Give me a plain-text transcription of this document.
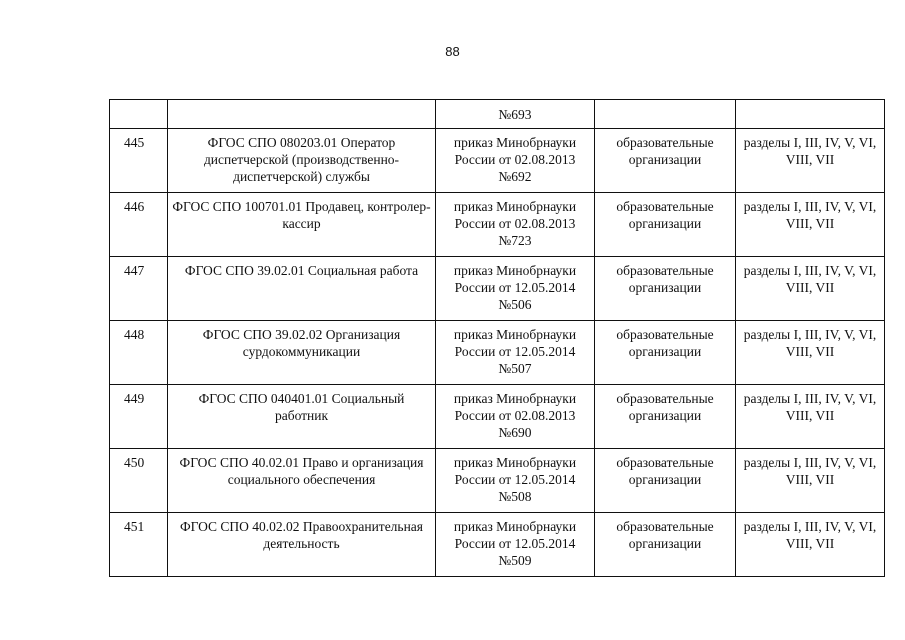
88
		№693		
445	ФГОС СПО 080203.01 Оператор диспетчерской (производственно-диспетчерской) службы	приказ Минобрнауки России от 02.08.2013 №692	образовательные организации	разделы I, III, IV, V, VI, VIII, VII
446	ФГОС СПО 100701.01 Продавец, контролер-кассир	приказ Минобрнауки России от 02.08.2013 №723	образовательные организации	разделы I, III, IV, V, VI, VIII, VII
447	ФГОС СПО 39.02.01 Социальная работа	приказ Минобрнауки России от 12.05.2014 №506	образовательные организации	разделы I, III, IV, V, VI, VIII, VII
448	ФГОС СПО 39.02.02 Организация сурдокоммуникации	приказ Минобрнауки России от 12.05.2014 №507	образовательные организации	разделы I, III, IV, V, VI, VIII, VII
449	ФГОС СПО 040401.01 Социальный работник	приказ Минобрнауки России от 02.08.2013 №690	образовательные организации	разделы I, III, IV, V, VI, VIII, VII
450	ФГОС СПО 40.02.01 Право и организация социального обеспечения	приказ Минобрнауки России от 12.05.2014 №508	образовательные организации	разделы I, III, IV, V, VI, VIII, VII
451	ФГОС СПО 40.02.02 Правоохранительная деятельность	приказ Минобрнауки России от 12.05.2014 №509	образовательные организации	разделы I, III, IV, V, VI, VIII, VII
